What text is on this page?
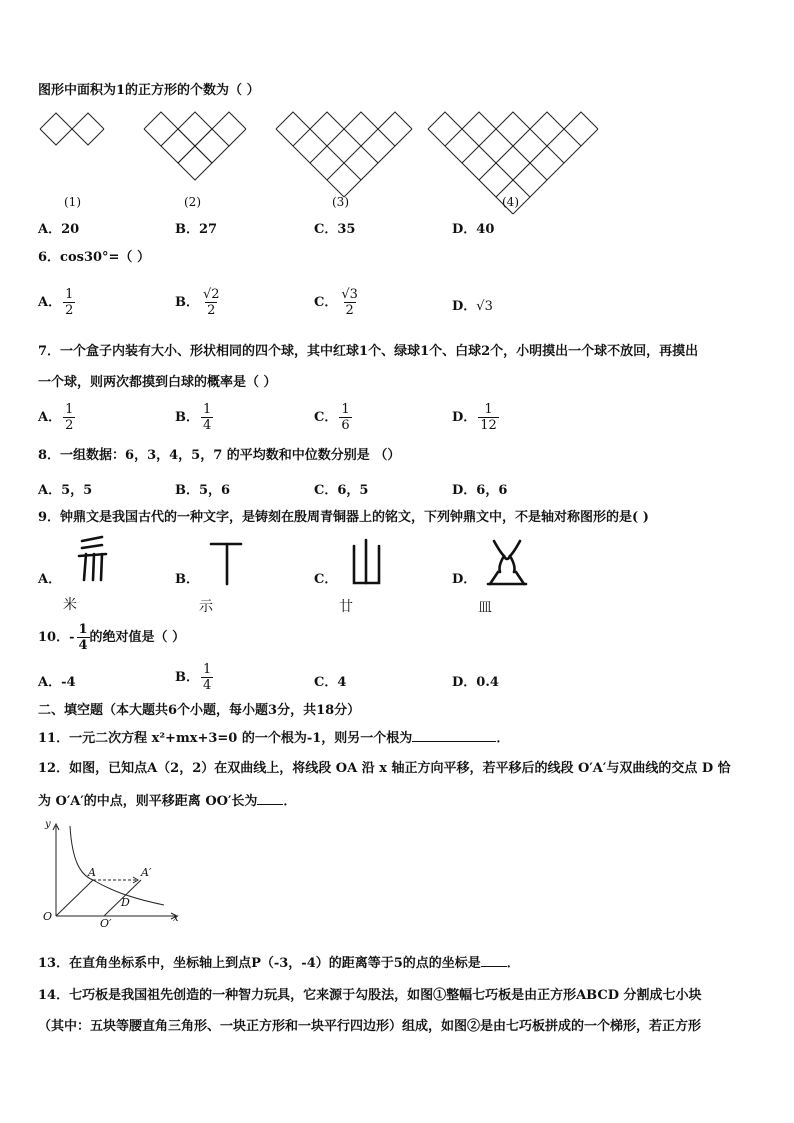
图形中面积为1的正方形的个数为（ ）
(1)	(2)	(3)	(4)
A．20	B．27	C．35	D．40
6．cos30°=（ ）
A． $\frac{1}{2}$	B． $\frac{√2}{2}$	C． $\frac{√3}{2}$	D．√3
7．一个盒子内装有大小、形状相同的四个球，其中红球1个、绿球1个、白球2个，小明摸出一个球不放回，再摸出
一个球，则两次都摸到白球的概率是（ ）
A． $\frac{1}{2}$	B． $\frac{1}{4}$	C． $\frac{1}{6}$	D． $\frac{1}{12}$
8．一组数据：6，3，4，5，7 的平均数和中位数分别是 （）
A．5，5	B．5，6	C．6，5	D．6，6
9．钟鼎文是我国古代的一种文字，是铸刻在殷周青铜器上的铭文，下列钟鼎文中，不是轴对称图形的是( )
A．	B．	C．	D．
米	示	廿	皿
10．- $\frac{1}{4}$ 的绝对值是（ ）
A．-4	B． $\frac{1}{4}$	C．4	D．0.4
二、填空题（本大题共6个小题，每小题3分，共18分）
11．一元二次方程 x²+mx+3=0 的一个根为-1，则另一个根为	．
12．如图，已知点A（2，2）在双曲线上，将线段 OA 沿 x 轴正方向平移，若平移后的线段 O′A′与双曲线的交点 D 恰
为 O′A′的中点，则平移距离 OO′长为 ．
y
x
O
A	A′
D
O′
13．在直角坐标系中，坐标轴上到点P（-3，-4）的距离等于5的点的坐标是 ．
14．七巧板是我国祖先创造的一种智力玩具，它来源于勾股法，如图①整幅七巧板是由正方形ABCD 分割成七小块
（其中：五块等腰直角三角形、一块正方形和一块平行四边形）组成，如图②是由七巧板拼成的一个梯形，若正方形
